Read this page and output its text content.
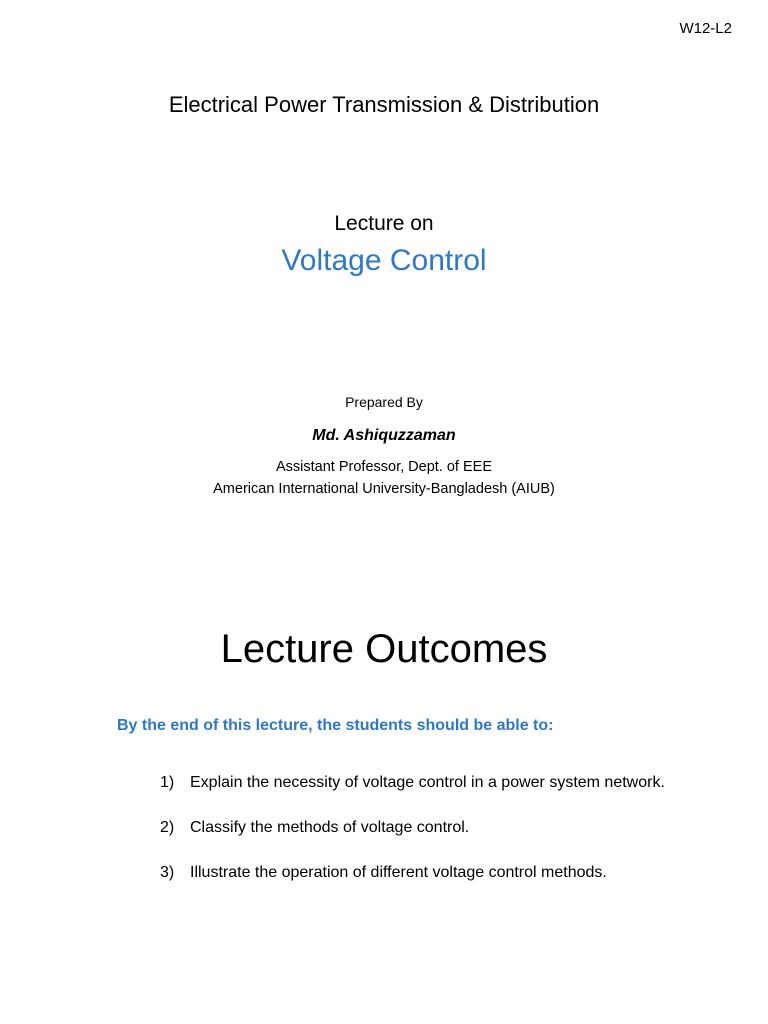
W12-L2
Electrical Power Transmission & Distribution
Lecture on
Voltage Control
Prepared By
Md. Ashiquzzaman
Assistant Professor, Dept. of EEE
American International University-Bangladesh (AIUB)
Lecture Outcomes
By the end of this lecture, the students should be able to:
1) Explain the necessity of voltage control in a power system network.
2) Classify the methods of voltage control.
3) Illustrate the operation of different voltage control methods.
